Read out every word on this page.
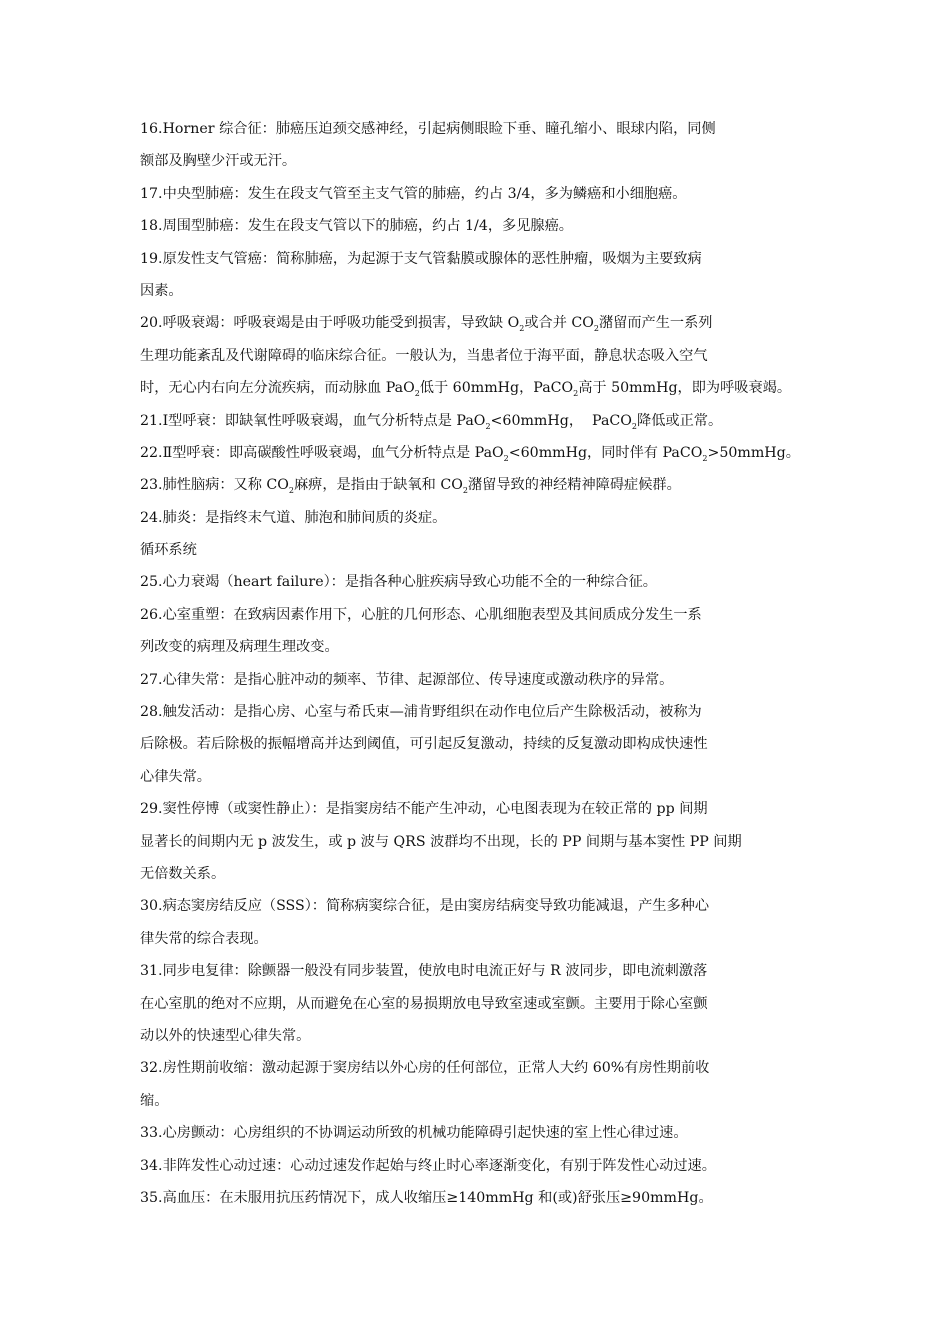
16.Horner 综合征：肺癌压迫颈交感神经，引起病侧眼睑下垂、瞳孔缩小、眼球内陷，同侧
额部及胸壁少汗或无汗。
17.中央型肺癌：发生在段支气管至主支气管的肺癌，约占 3/4，多为鳞癌和小细胞癌。
18.周围型肺癌：发生在段支气管以下的肺癌，约占 1/4，多见腺癌。
19.原发性支气管癌：简称肺癌，为起源于支气管黏膜或腺体的恶性肿瘤，吸烟为主要致病
因素。
20.呼吸衰竭：呼吸衰竭是由于呼吸功能受到损害，导致缺 $O_2$或合并 $CO_2$潴留而产生一系列
生理功能紊乱及代谢障碍的临床综合征。一般认为，当患者位于海平面，静息状态吸入空气
时，无心内右向左分流疾病，而动脉血 PaO$_2$低于 60mmHg，PaCO$_2$高于 50mmHg，即为呼吸衰竭。
21.Ⅰ型呼衰：即缺氧性呼吸衰竭，血气分析特点是 PaO$_2$<60mmHg，  PaCO$_2$降低或正常。
22.Ⅱ型呼衰：即高碳酸性呼吸衰竭，血气分析特点是 PaO$_2$<60mmHg，同时伴有 PaCO$_2$>50mmHg。
23.肺性脑病：又称 $CO_2$麻痹，是指由于缺氧和 $CO_2$潴留导致的神经精神障碍症候群。
24.肺炎：是指终末气道、肺泡和肺间质的炎症。
循环系统
25.心力衰竭（heart failure）：是指各种心脏疾病导致心功能不全的一种综合征。
26.心室重塑：在致病因素作用下，心脏的几何形态、心肌细胞表型及其间质成分发生一系
列改变的病理及病理生理改变。
27.心律失常：是指心脏冲动的频率、节律、起源部位、传导速度或激动秩序的异常。
28.触发活动：是指心房、心室与希氏束—浦肯野组织在动作电位后产生除极活动，被称为
后除极。若后除极的振幅增高并达到阈值，可引起反复激动，持续的反复激动即构成快速性
心律失常。
29.窦性停博（或窦性静止）：是指窦房结不能产生冲动，心电图表现为在较正常的 pp 间期
显著长的间期内无 p 波发生，或 p 波与 QRS 波群均不出现，长的 PP 间期与基本窦性 PP 间期
无倍数关系。
30.病态窦房结反应（SSS）：简称病窦综合征，是由窦房结病变导致功能减退，产生多种心
律失常的综合表现。
31.同步电复律：除颤器一般没有同步装置，使放电时电流正好与 R 波同步，即电流刺激落
在心室肌的绝对不应期，从而避免在心室的易损期放电导致室速或室颤。主要用于除心室颤
动以外的快速型心律失常。
32.房性期前收缩：激动起源于窦房结以外心房的任何部位，正常人大约 60%有房性期前收
缩。
33.心房颤动：心房组织的不协调运动所致的机械功能障碍引起快速的室上性心律过速。
34.非阵发性心动过速：心动过速发作起始与终止时心率逐渐变化，有别于阵发性心动过速。
35.高血压：在未服用抗压药情况下，成人收缩压≥140mmHg 和(或)舒张压≥90mmHg。
